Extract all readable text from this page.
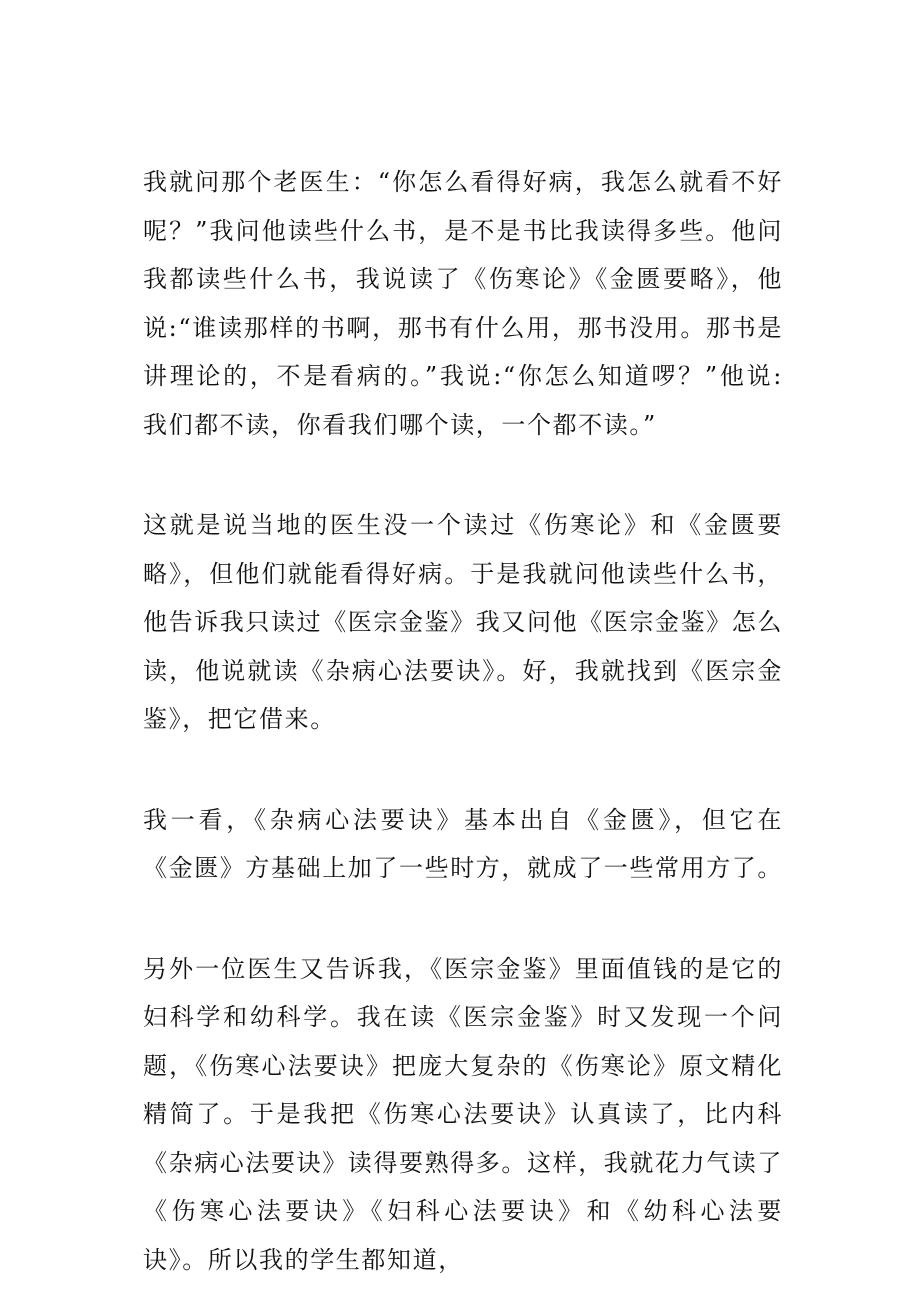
我就问那个老医生：“你怎么看得好病，我怎么就看不好呢？”我问他读些什么书，是不是书比我读得多些。他问我都读些什么书，我说读了《伤寒论》《金匮要略》，他说:“谁读那样的书啊，那书有什么用，那书没用。那书是讲理论的，不是看病的。”我说:“你怎么知道啰？”他说: 我们都不读，你看我们哪个读，一个都不读。”

这就是说当地的医生没一个读过《伤寒论》和《金匮要略》，但他们就能看得好病。于是我就问他读些什么书，他告诉我只读过《医宗金鉴》我又问他《医宗金鉴》怎么读，他说就读《杂病心法要诀》。好，我就找到《医宗金鉴》，把它借来。

我一看，《杂病心法要诀》基本出自《金匮》，但它在《金匮》方基础上加了一些时方，就成了一些常用方了。

另外一位医生又告诉我，《医宗金鉴》里面值钱的是它的妇科学和幼科学。我在读《医宗金鉴》时又发现一个问题，《伤寒心法要诀》把庞大复杂的《伤寒论》原文精化精简了。于是我把《伤寒心法要诀》认真读了，比内科《杂病心法要诀》读得要熟得多。这样，我就花力气读了《伤寒心法要诀》《妇科心法要诀》和《幼科心法要诀》。所以我的学生都知道，
